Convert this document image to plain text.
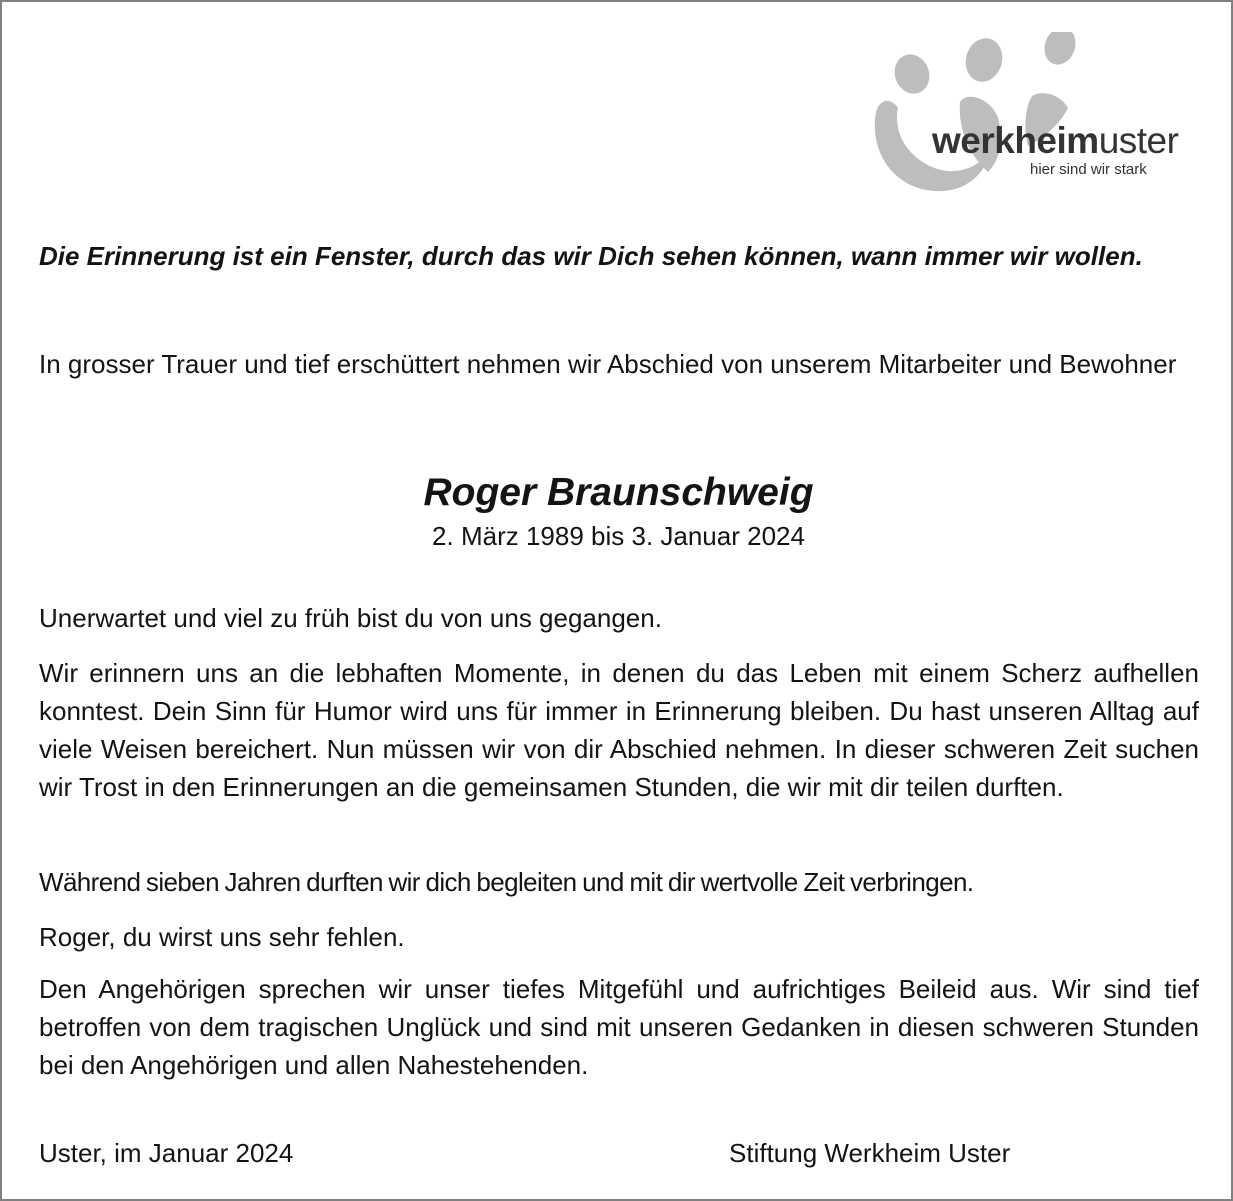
werkheimuster
hier sind wir stark

Die Erinnerung ist ein Fenster, durch das wir Dich sehen können, wann immer wir wollen.

In grosser Trauer und tief erschüttert nehmen wir Abschied von unserem Mitarbeiter und Bewohner

Roger Braunschweig
2. März 1989 bis 3. Januar 2024

Unerwartet und viel zu früh bist du von uns gegangen.

Wir erinnern uns an die lebhaften Momente, in denen du das Leben mit einem Scherz aufhellen konntest. Dein Sinn für Humor wird uns für immer in Erinnerung bleiben. Du hast unseren Alltag auf viele Weisen bereichert. Nun müssen wir von dir Abschied nehmen. In dieser schweren Zeit suchen wir Trost in den Erinnerungen an die gemeinsamen Stunden, die wir mit dir teilen durften.

Während sieben Jahren durften wir dich begleiten und mit dir wertvolle Zeit verbringen.

Roger, du wirst uns sehr fehlen.

Den Angehörigen sprechen wir unser tiefes Mitgefühl und aufrichtiges Beileid aus. Wir sind tief betroffen von dem tragischen Unglück und sind mit unseren Gedanken in diesen schweren Stunden bei den Angehörigen und allen Nahestehenden.

Uster, im Januar 2024	Stiftung Werkheim Uster
